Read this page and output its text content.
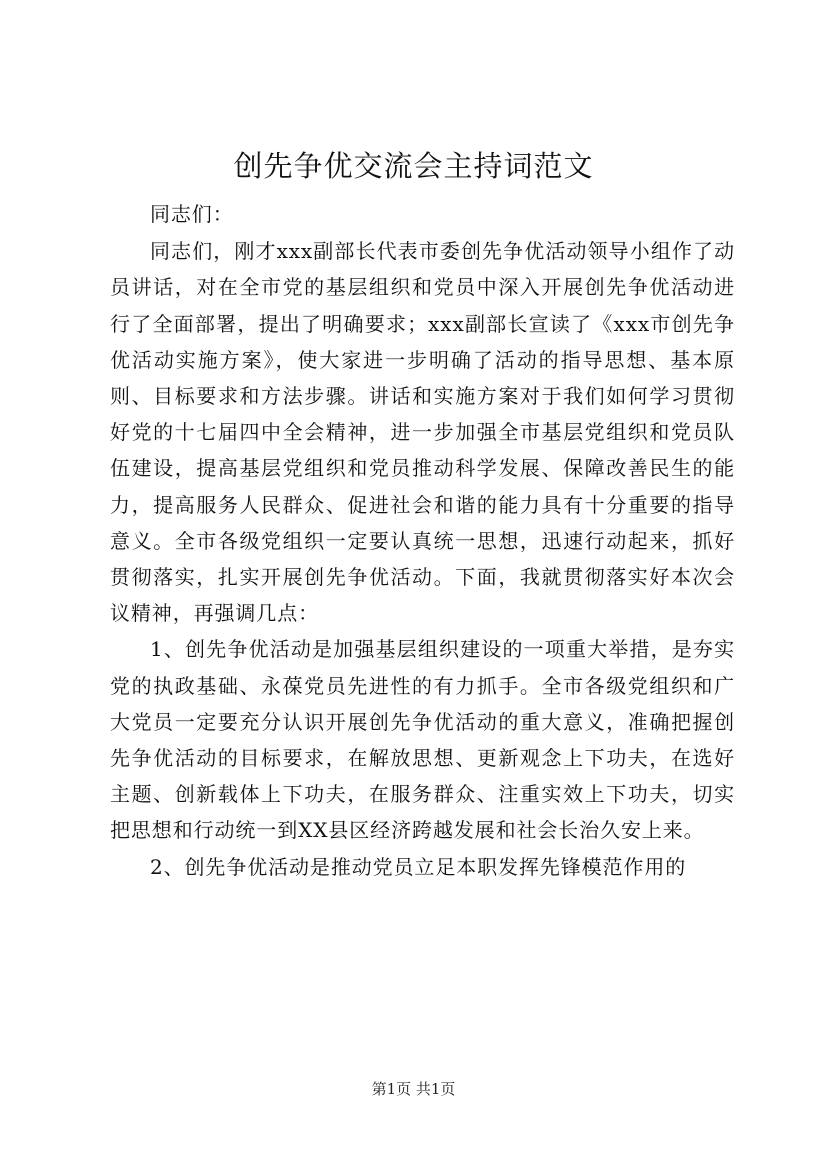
创先争优交流会主持词范文

同志们：

同志们，刚才xxx副部长代表市委创先争优活动领导小组作了动员讲话，对在全市党的基层组织和党员中深入开展创先争优活动进行了全面部署，提出了明确要求；xxx副部长宣读了《xxx市创先争优活动实施方案》，使大家进一步明确了活动的指导思想、基本原则、目标要求和方法步骤。讲话和实施方案对于我们如何学习贯彻好党的十七届四中全会精神，进一步加强全市基层党组织和党员队伍建设，提高基层党组织和党员推动科学发展、保障改善民生的能力，提高服务人民群众、促进社会和谐的能力具有十分重要的指导意义。全市各级党组织一定要认真统一思想，迅速行动起来，抓好贯彻落实，扎实开展创先争优活动。下面，我就贯彻落实好本次会议精神，再强调几点：

1、创先争优活动是加强基层组织建设的一项重大举措，是夯实党的执政基础、永葆党员先进性的有力抓手。全市各级党组织和广大党员一定要充分认识开展创先争优活动的重大意义，准确把握创先争优活动的目标要求，在解放思想、更新观念上下功夫，在选好主题、创新载体上下功夫，在服务群众、注重实效上下功夫，切实把思想和行动统一到XX县区经济跨越发展和社会长治久安上来。

2、创先争优活动是推动党员立足本职发挥先锋模范作用的

第1页 共1页
